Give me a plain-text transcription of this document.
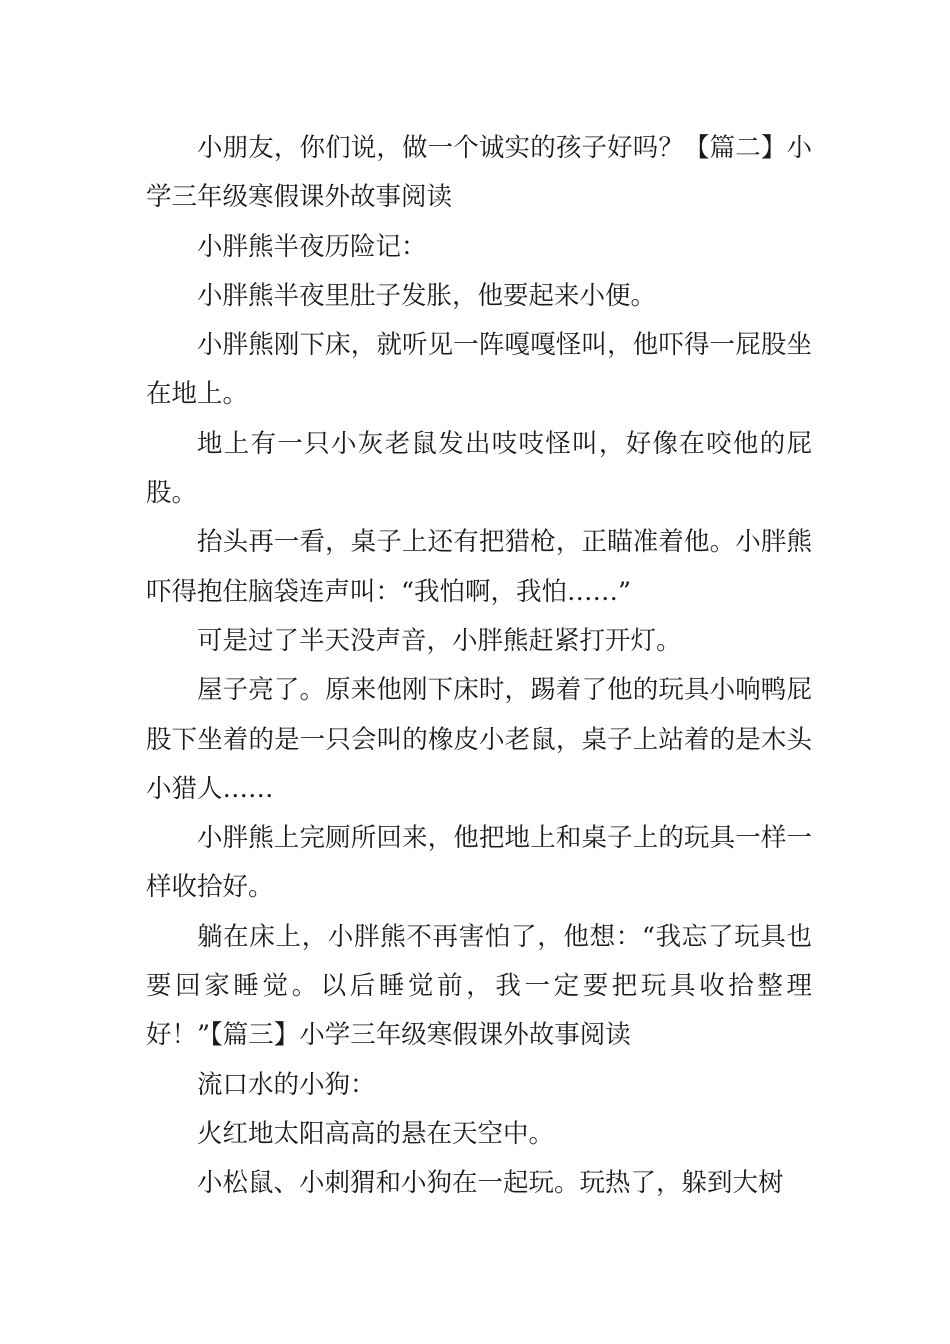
小朋友，你们说，做一个诚实的孩子好吗？【篇二】小学三年级寒假课外故事阅读

小胖熊半夜历险记：

小胖熊半夜里肚子发胀，他要起来小便。

小胖熊刚下床，就听见一阵嘎嘎怪叫，他吓得一屁股坐在地上。

地上有一只小灰老鼠发出吱吱怪叫，好像在咬他的屁股。

抬头再一看，桌子上还有把猎枪，正瞄准着他。小胖熊吓得抱住脑袋连声叫：“我怕啊，我怕……”

可是过了半天没声音，小胖熊赶紧打开灯。

屋子亮了。原来他刚下床时，踢着了他的玩具小响鸭屁股下坐着的是一只会叫的橡皮小老鼠，桌子上站着的是木头小猎人……

小胖熊上完厕所回来，他把地上和桌子上的玩具一样一样收拾好。

躺在床上，小胖熊不再害怕了，他想：“我忘了玩具也要回家睡觉。以后睡觉前，我一定要把玩具收拾整理好！”【篇三】小学三年级寒假课外故事阅读

流口水的小狗：

火红地太阳高高的悬在天空中。

小松鼠、小刺猬和小狗在一起玩。玩热了，躲到大树
